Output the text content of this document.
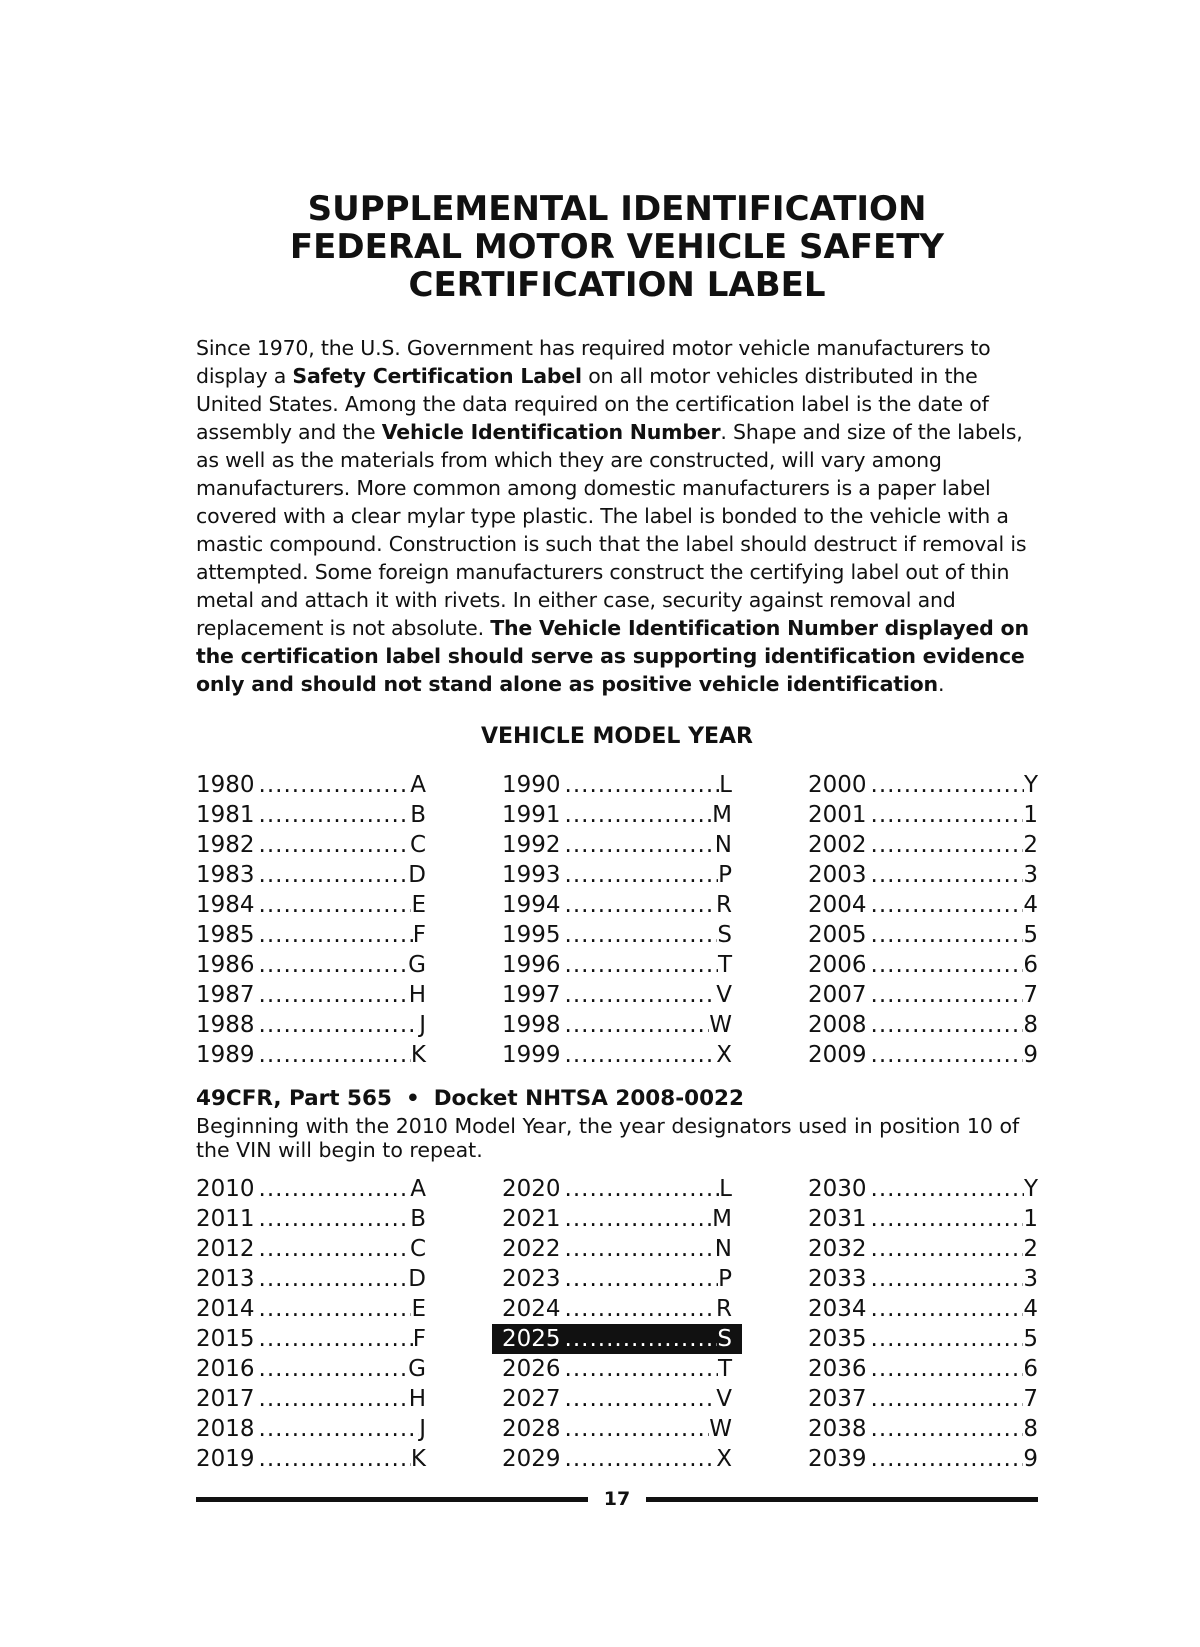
SUPPLEMENTAL IDENTIFICATION
FEDERAL MOTOR VEHICLE SAFETY
CERTIFICATION LABEL

Since 1970, the U.S. Government has required motor vehicle manufacturers to display a Safety Certification Label on all motor vehicles distributed in the United States. Among the data required on the certification label is the date of assembly and the Vehicle Identification Number. Shape and size of the labels, as well as the materials from which they are constructed, will vary among manufacturers. More common among domestic manufacturers is a paper label covered with a clear mylar type plastic. The label is bonded to the vehicle with a mastic compound. Construction is such that the label should destruct if removal is attempted. Some foreign manufacturers construct the certifying label out of thin metal and attach it with rivets. In either case, security against removal and replacement is not absolute. The Vehicle Identification Number displayed on the certification label should serve as supporting identification evidence only and should not stand alone as positive vehicle identification.

VEHICLE MODEL YEAR
1980 .....	A
1981 .....	B
1982 .....	C
1983 .....	D
1984 .....	E
1985 .....	F
1986 .....	G
1987 .....	H
1988 .....	J
1989 .....	K
1990 .....	L
1991 .....	M
1992 .....	N
1993 .....	P
1994 .....	R
1995 .....	S
1996 .....	T
1997 .....	V
1998 .....	W
1999 .....	X
2000 .....	Y
2001 .....	1
2002 .....	2
2003 .....	3
2004 .....	4
2005 .....	5
2006 .....	6
2007 .....	7
2008 .....	8
2009 .....	9
49CFR, Part 565 • Docket NHTSA 2008-0022

Beginning with the 2010 Model Year, the year designators used in position 10 of the VIN will begin to repeat.

2010 .....	A
2011 .....	B
2012 .....	C
2013 .....	D
2014 .....	E
2015 .....	F
2016 .....	G
2017 .....	H
2018 .....	J
2019 .....	K
2020 .....	L
2021 .....	M
2022 .....	N
2023 .....	P
2024 .....	R
2025 .....	S
2026 .....	T
2027 .....	V
2028 .....	W
2029 .....	X
2030 .....	Y
2031 .....	1
2032 .....	2
2033 .....	3
2034 .....	4
2035 .....	5
2036 .....	6
2037 .....	7
2038 .....	8
2039 .....	9
17
